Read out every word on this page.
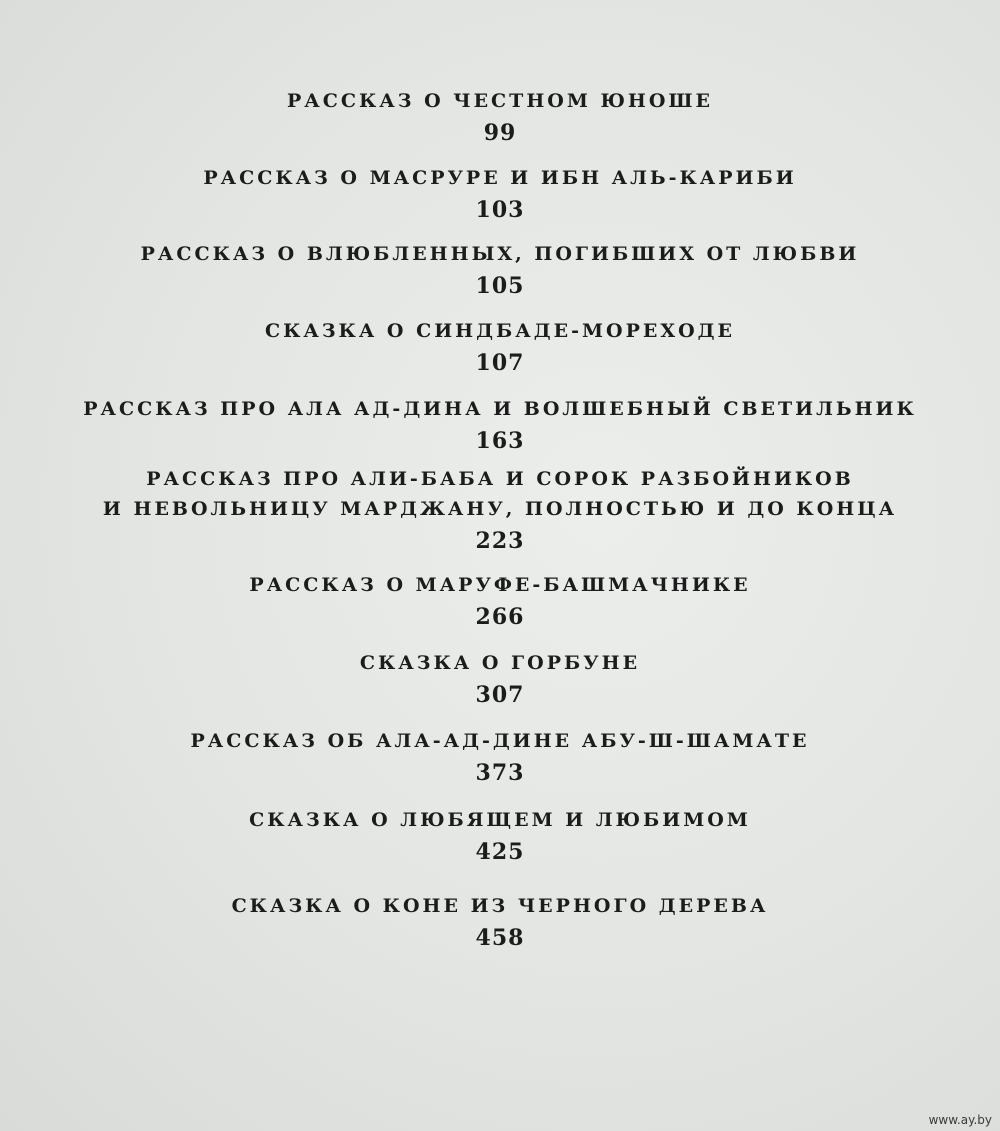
РАССКАЗ О ЧЕСТНОМ ЮНОШЕ
99
РАССКАЗ О МАСРУРЕ И ИБН АЛЬ-КАРИБИ
103
РАССКАЗ О ВЛЮБЛЕННЫХ, ПОГИБШИХ ОТ ЛЮБВИ
105
СКАЗКА О СИНДБАДЕ-МОРЕХОДЕ
107
РАССКАЗ ПРО АЛА АД-ДИНА И ВОЛШЕБНЫЙ СВЕТИЛЬНИК
163
РАССКАЗ ПРО АЛИ-БАБА И СОРОК РАЗБОЙНИКОВ
И НЕВОЛЬНИЦУ МАРДЖАНУ, ПОЛНОСТЬЮ И ДО КОНЦА
223
РАССКАЗ О МАРУФЕ-БАШМАЧНИКЕ
266
СКАЗКА О ГОРБУНЕ
307
РАССКАЗ ОБ АЛА-АД-ДИНЕ АБУ-Ш-ШАМАТЕ
373
СКАЗКА О ЛЮБЯЩЕМ И ЛЮБИМОМ
425
СКАЗКА О КОНЕ ИЗ ЧЕРНОГО ДЕРЕВА
458
www.ay.by
